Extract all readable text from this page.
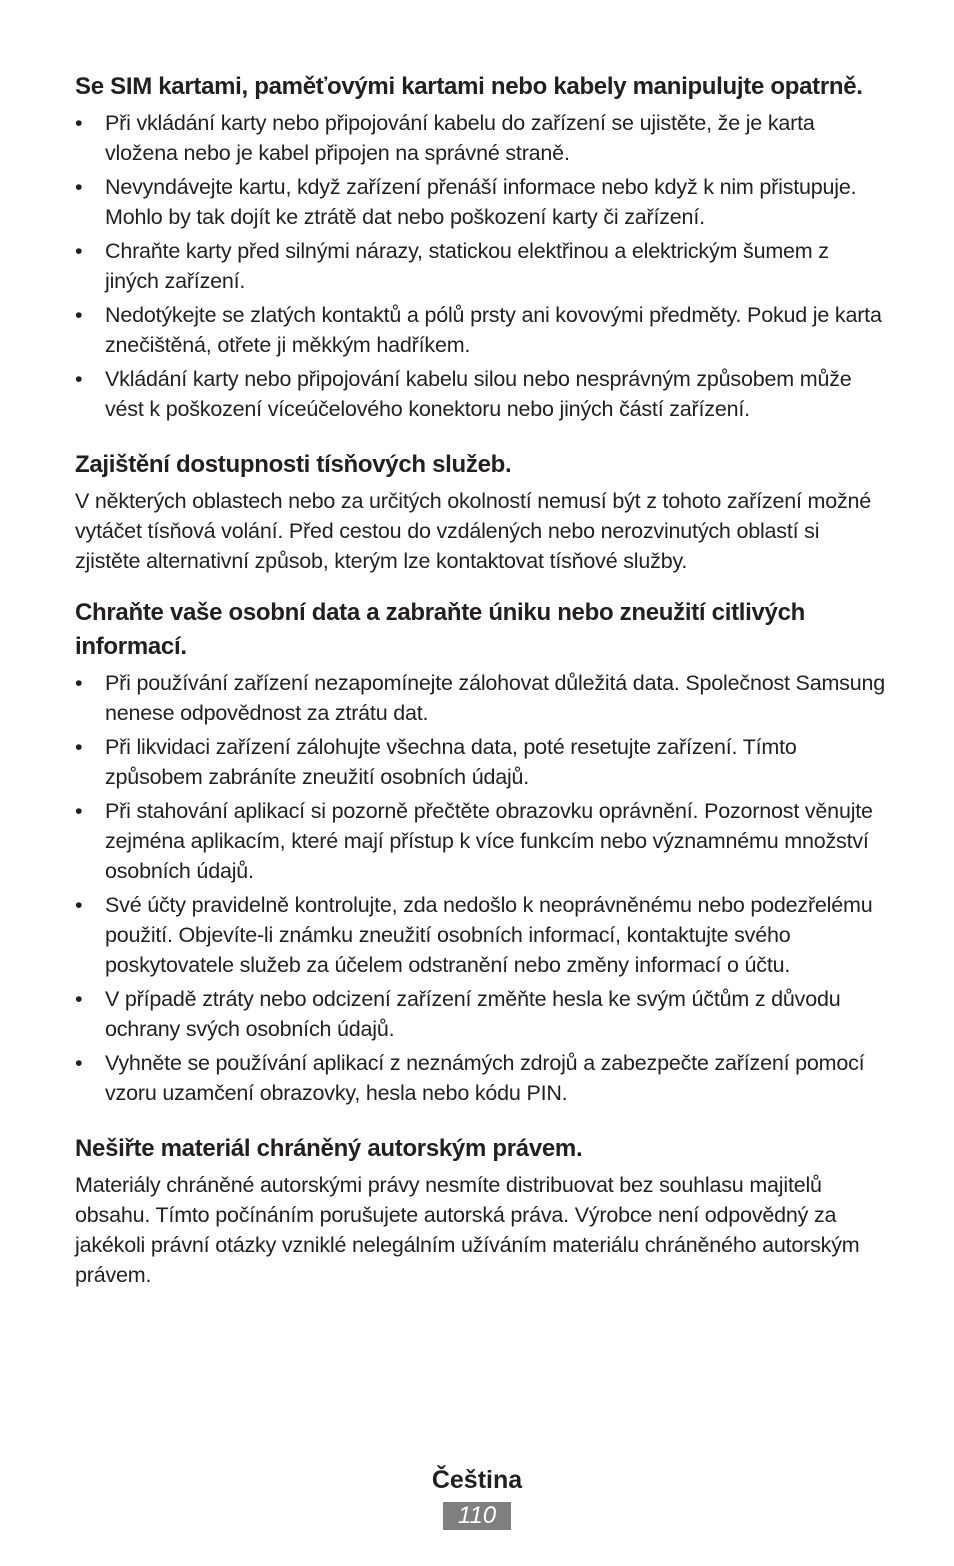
Se SIM kartami, paměťovými kartami nebo kabely manipulujte opatrně.
•	Při vkládání karty nebo připojování kabelu do zařízení se ujistěte, že je karta vložena nebo je kabel připojen na správné straně.
•	Nevyndávejte kartu, když zařízení přenáší informace nebo když k nim přistupuje. Mohlo by tak dojít ke ztrátě dat nebo poškození karty či zařízení.
•	Chraňte karty před silnými nárazy, statickou elektřinou a elektrickým šumem z jiných zařízení.
•	Nedotýkejte se zlatých kontaktů a pólů prsty ani kovovými předměty. Pokud je karta znečištěná, otřete ji měkkým hadříkem.
•	Vkládání karty nebo připojování kabelu silou nebo nesprávným způsobem může vést k poškození víceúčelového konektoru nebo jiných částí zařízení.
Zajištění dostupnosti tísňových služeb.

V některých oblastech nebo za určitých okolností nemusí být z tohoto zařízení možné vytáčet tísňová volání. Před cestou do vzdálených nebo nerozvinutých oblastí si zjistěte alternativní způsob, kterým lze kontaktovat tísňové služby.

Chraňte vaše osobní data a zabraňte úniku nebo zneužití citlivých informací.
•	Při používání zařízení nezapomínejte zálohovat důležitá data. Společnost Samsung nenese odpovědnost za ztrátu dat.
•	Při likvidaci zařízení zálohujte všechna data, poté resetujte zařízení. Tímto způsobem zabráníte zneužití osobních údajů.
•	Při stahování aplikací si pozorně přečtěte obrazovku oprávnění. Pozornost věnujte zejména aplikacím, které mají přístup k více funkcím nebo významnému množství osobních údajů.
•	Své účty pravidelně kontrolujte, zda nedošlo k neoprávněnému nebo podezřelému použití. Objevíte-li známku zneužití osobních informací, kontaktujte svého poskytovatele služeb za účelem odstranění nebo změny informací o účtu.
•	V případě ztráty nebo odcizení zařízení změňte hesla ke svým účtům z důvodu ochrany svých osobních údajů.
•	Vyhněte se používání aplikací z neznámých zdrojů a zabezpečte zařízení pomocí vzoru uzamčení obrazovky, hesla nebo kódu PIN.
Nešiřte materiál chráněný autorským právem.

Materiály chráněné autorskými právy nesmíte distribuovat bez souhlasu majitelů obsahu. Tímto počínáním porušujete autorská práva. Výrobce není odpovědný za jakékoli právní otázky vzniklé nelegálním užíváním materiálu chráněného autorským právem.

Čeština
110
